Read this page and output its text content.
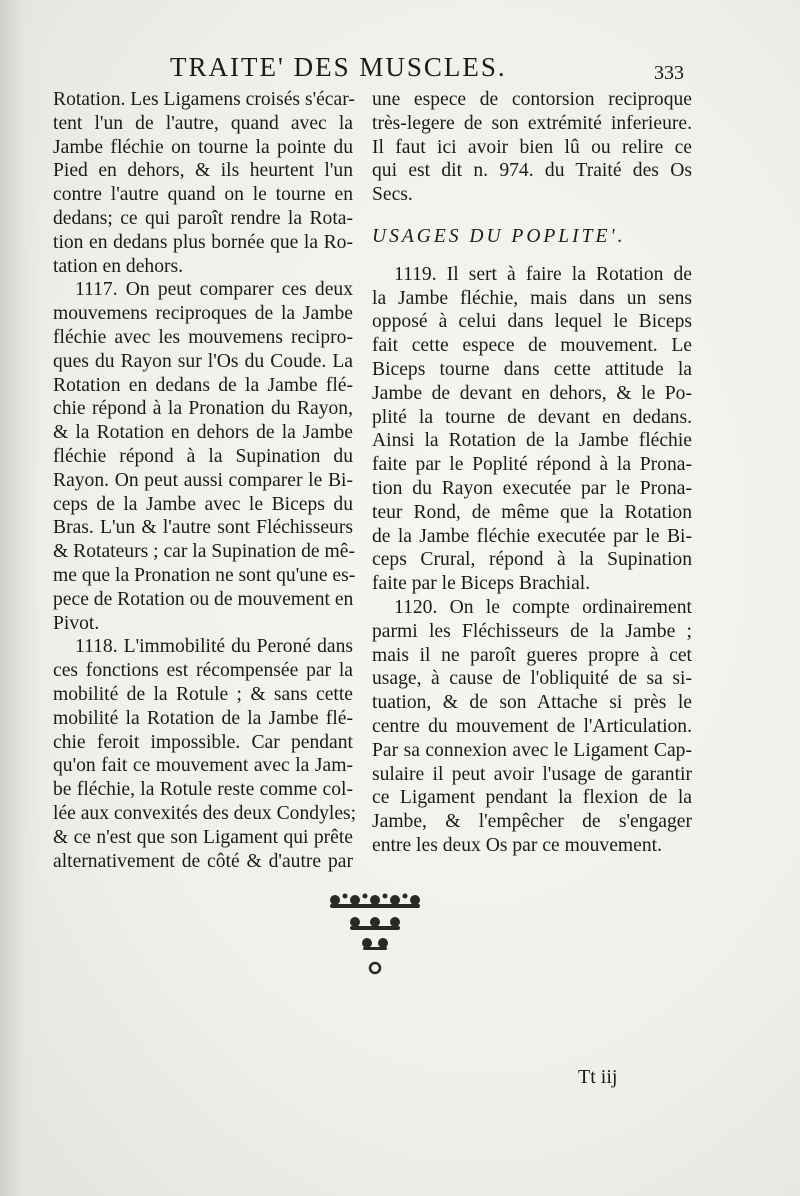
TRAITE' DES MUSCLES.	333
Rotation. Les Ligamens croisés s'écar-
tent l'un de l'autre, quand avec la
Jambe fléchie on tourne la pointe du
Pied en dehors, & ils heurtent l'un
contre l'autre quand on le tourne en
dedans; ce qui paroît rendre la Rota-
tion en dedans plus bornée que la Ro-
tation en dehors.
1117. On peut comparer ces deux
mouvemens reciproques de la Jambe
fléchie avec les mouvemens recipro-
ques du Rayon sur l'Os du Coude. La
Rotation en dedans de la Jambe flé-
chie répond à la Pronation du Rayon,
& la Rotation en dehors de la Jambe
fléchie répond à la Supination du
Rayon. On peut aussi comparer le Bi-
ceps de la Jambe avec le Biceps du
Bras. L'un & l'autre sont Fléchisseurs
& Rotateurs ; car la Supination de mê-
me que la Pronation ne sont qu'une es-
pece de Rotation ou de mouvement en
Pivot.
1118. L'immobilité du Peroné dans
ces fonctions est récompensée par la
mobilité de la Rotule ; & sans cette
mobilité la Rotation de la Jambe flé-
chie feroit impossible. Car pendant
qu'on fait ce mouvement avec la Jam-
be fléchie, la Rotule reste comme col-
lée aux convexités des deux Condyles;
& ce n'est que son Ligament qui prête
alternativement de côté & d'autre par
une espece de contorsion reciproque
très-legere de son extrémité inferieure.
Il faut ici avoir bien lû ou relire ce
qui est dit n. 974. du Traité des Os
Secs.
USAGES DU POPLITE'.
1119. Il sert à faire la Rotation de
la Jambe fléchie, mais dans un sens
opposé à celui dans lequel le Biceps
fait cette espece de mouvement. Le
Biceps tourne dans cette attitude la
Jambe de devant en dehors, & le Po-
plité la tourne de devant en dedans.
Ainsi la Rotation de la Jambe fléchie
faite par le Poplité répond à la Prona-
tion du Rayon executée par le Prona-
teur Rond, de même que la Rotation
de la Jambe fléchie executée par le Bi-
ceps Crural, répond à la Supination
faite par le Biceps Brachial.
1120. On le compte ordinairement
parmi les Fléchisseurs de la Jambe ;
mais il ne paroît gueres propre à cet
usage, à cause de l'obliquité de sa si-
tuation, & de son Attache si près le
centre du mouvement de l'Articulation.
Par sa connexion avec le Ligament Cap-
sulaire il peut avoir l'usage de garantir
ce Ligament pendant la flexion de la
Jambe, & l'empêcher de s'engager
entre les deux Os par ce mouvement.
Tt iij
